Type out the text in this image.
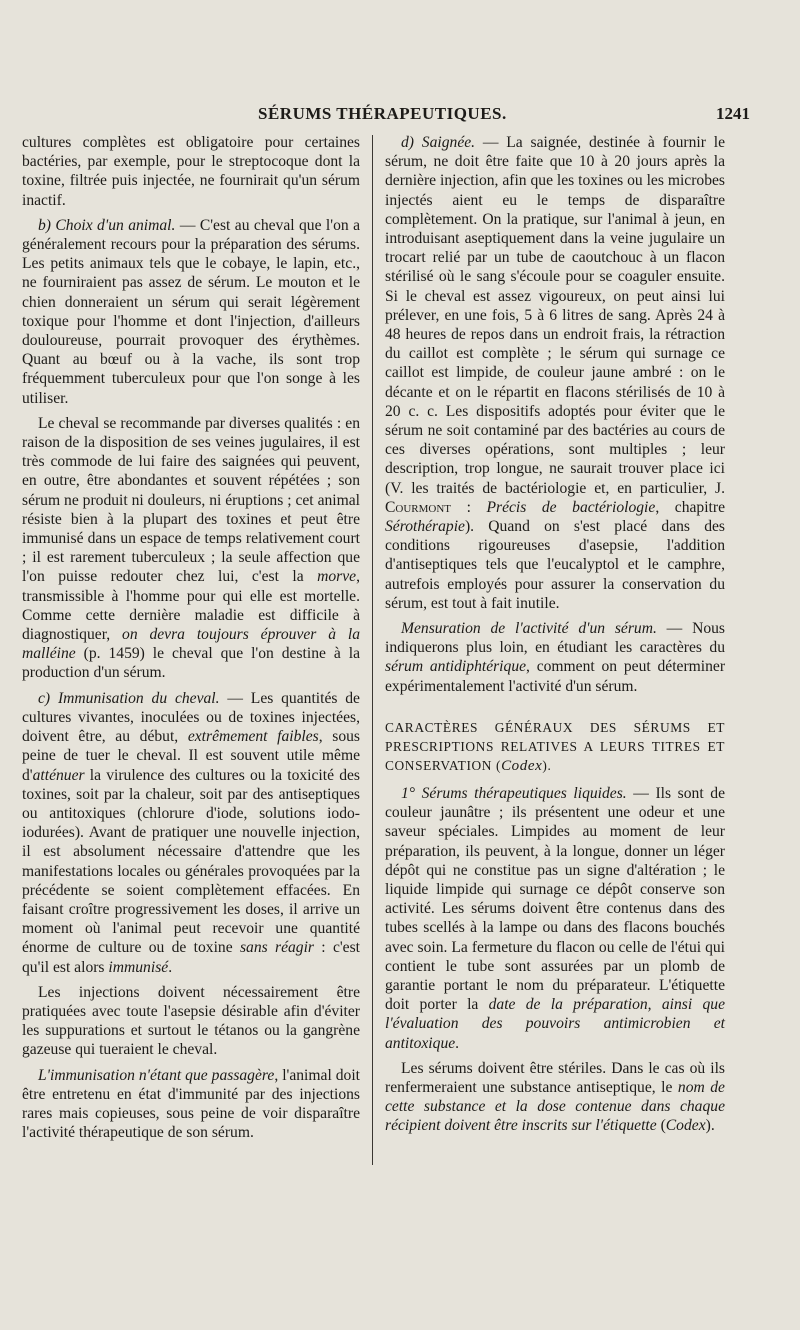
SÉRUMS THÉRAPEUTIQUES.	1241

cultures complètes est obligatoire pour certaines bactéries, par exemple, pour le streptocoque dont la toxine, filtrée puis injectée, ne fournirait qu'un sérum inactif.

b) Choix d'un animal. — C'est au cheval que l'on a généralement recours pour la préparation des sérums. Les petits animaux tels que le cobaye, le lapin, etc., ne fourniraient pas assez de sérum. Le mouton et le chien donneraient un sérum qui serait légèrement toxique pour l'homme et dont l'injection, d'ailleurs douloureuse, pourrait provoquer des érythèmes. Quant au bœuf ou à la vache, ils sont trop fréquemment tuberculeux pour que l'on songe à les utiliser.

Le cheval se recommande par diverses qualités : en raison de la disposition de ses veines jugulaires, il est très commode de lui faire des saignées qui peuvent, en outre, être abondantes et souvent répétées ; son sérum ne produit ni douleurs, ni éruptions ; cet animal résiste bien à la plupart des toxines et peut être immunisé dans un espace de temps relativement court ; il est rarement tuberculeux ; la seule affection que l'on puisse redouter chez lui, c'est la morve, transmissible à l'homme pour qui elle est mortelle. Comme cette dernière maladie est difficile à diagnostiquer, on devra toujours éprouver à la malléine (p. 1459) le cheval que l'on destine à la production d'un sérum.

c) Immunisation du cheval. — Les quantités de cultures vivantes, inoculées ou de toxines injectées, doivent être, au début, extrêmement faibles, sous peine de tuer le cheval. Il est souvent utile même d'atténuer la virulence des cultures ou la toxicité des toxines, soit par la chaleur, soit par des antiseptiques ou antitoxiques (chlorure d'iode, solutions iodo-iodurées). Avant de pratiquer une nouvelle injection, il est absolument nécessaire d'attendre que les manifestations locales ou générales provoquées par la précédente se soient complètement effacées. En faisant croître progressivement les doses, il arrive un moment où l'animal peut recevoir une quantité énorme de culture ou de toxine sans réagir : c'est qu'il est alors immunisé.

Les injections doivent nécessairement être pratiquées avec toute l'asepsie désirable afin d'éviter les suppurations et surtout le tétanos ou la gangrène gazeuse qui tueraient le cheval.

L'immunisation n'étant que passagère, l'animal doit être entretenu en état d'immunité par des injections rares mais copieuses, sous peine de voir disparaître l'activité thérapeutique de son sérum.

d) Saignée. — La saignée, destinée à fournir le sérum, ne doit être faite que 10 à 20 jours après la dernière injection, afin que les toxines ou les microbes injectés aient eu le temps de disparaître complètement. On la pratique, sur l'animal à jeun, en introduisant aseptiquement dans la veine jugulaire un trocart relié par un tube de caoutchouc à un flacon stérilisé où le sang s'écoule pour se coaguler ensuite. Si le cheval est assez vigoureux, on peut ainsi lui prélever, en une fois, 5 à 6 litres de sang. Après 24 à 48 heures de repos dans un endroit frais, la rétraction du caillot est complète ; le sérum qui surnage ce caillot est limpide, de couleur jaune ambré : on le décante et on le répartit en flacons stérilisés de 10 à 20 c. c. Les dispositifs adoptés pour éviter que le sérum ne soit contaminé par des bactéries au cours de ces diverses opérations, sont multiples ; leur description, trop longue, ne saurait trouver place ici (V. les traités de bactériologie et, en particulier, J. Courmont : Précis de bactériologie, chapitre Sérothérapie). Quand on s'est placé dans des conditions rigoureuses d'asepsie, l'addition d'antiseptiques tels que l'eucalyptol et le camphre, autrefois employés pour assurer la conservation du sérum, est tout à fait inutile.

Mensuration de l'activité d'un sérum. — Nous indiquerons plus loin, en étudiant les caractères du sérum antidiphtérique, comment on peut déterminer expérimentalement l'activité d'un sérum.

CARACTÈRES GÉNÉRAUX DES SÉRUMS ET PRESCRIPTIONS RELATIVES A LEURS TITRES ET CONSERVATION (Codex).

1° Sérums thérapeutiques liquides. — Ils sont de couleur jaunâtre ; ils présentent une odeur et une saveur spéciales. Limpides au moment de leur préparation, ils peuvent, à la longue, donner un léger dépôt qui ne constitue pas un signe d'altération ; le liquide limpide qui surnage ce dépôt conserve son activité. Les sérums doivent être contenus dans des tubes scellés à la lampe ou dans des flacons bouchés avec soin. La fermeture du flacon ou celle de l'étui qui contient le tube sont assurées par un plomb de garantie portant le nom du préparateur. L'étiquette doit porter la date de la préparation, ainsi que l'évaluation des pouvoirs antimicrobien et antitoxique.

Les sérums doivent être stériles. Dans le cas où ils renfermeraient une substance antiseptique, le nom de cette substance et la dose contenue dans chaque récipient doivent être inscrits sur l'étiquette (Codex).
